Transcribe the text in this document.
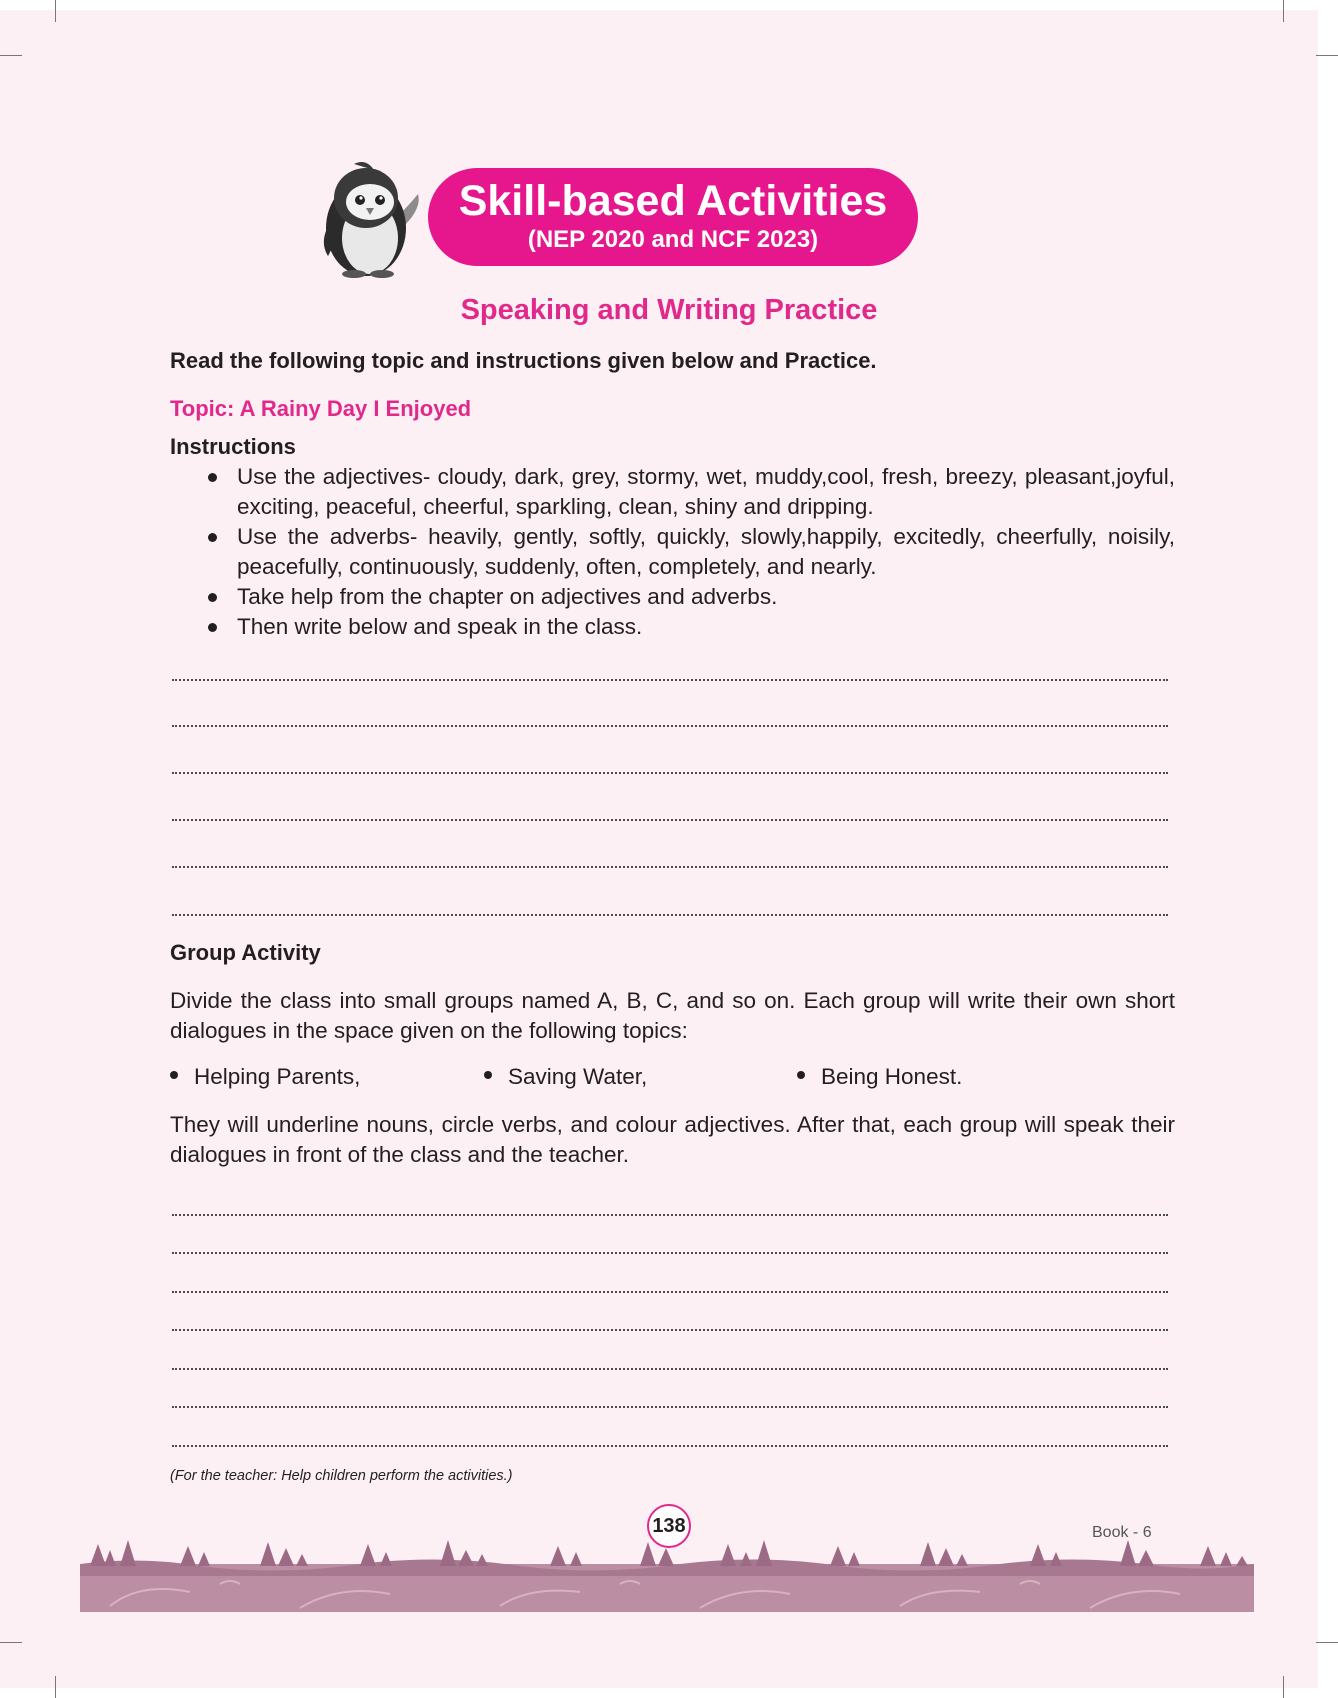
Skill-based Activities
(NEP 2020 and NCF 2023)
Speaking and Writing Practice
Read the following topic and instructions given below and Practice.
Topic: A Rainy Day I Enjoyed
Instructions
Use the adjectives- cloudy, dark, grey, stormy, wet, muddy,cool, fresh, breezy, pleasant,joyful, exciting, peaceful, cheerful, sparkling, clean, shiny and dripping.
Use the adverbs- heavily, gently, softly, quickly, slowly,happily, excitedly, cheerfully, noisily, peacefully, continuously, suddenly, often, completely, and nearly.
Take help from the chapter on adjectives and adverbs.
Then write below and speak in the class.
Group Activity
Divide the class into small groups named A, B, C, and so on. Each group will write their own short dialogues in the space given on the following topics:
Helping Parents,	Saving Water,	Being Honest.
They will underline nouns, circle verbs, and colour adjectives. After that, each group will speak their dialogues in front of the class and the teacher.
(For the teacher: Help children perform the activities.)
138	Book - 6
